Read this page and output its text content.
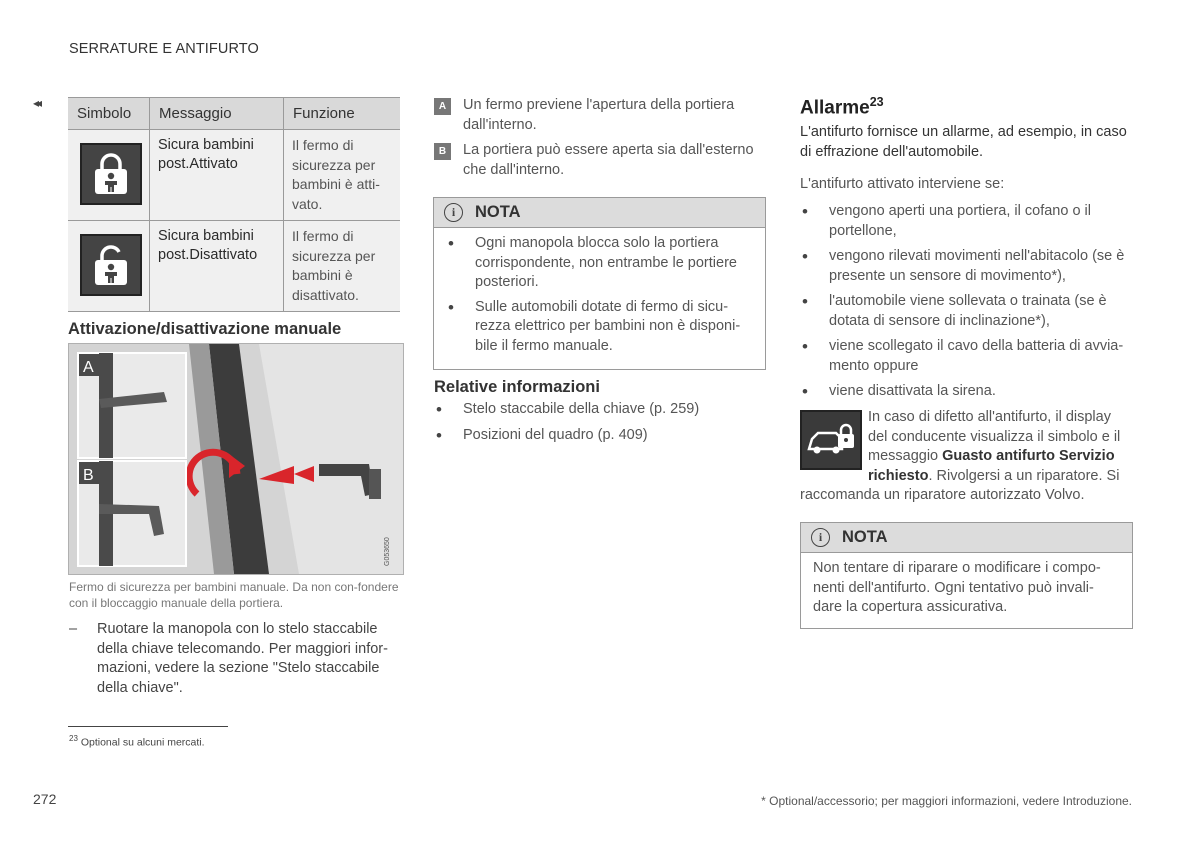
SERRATURE E ANTIFURTO
◂◂
Simbolo	Messaggio	Funzione

	Sicura bambini post.Attivato	Il fermo di sicurezza per bambini è atti-vato.

	Sicura bambini post.Disattivato	Il fermo di sicurezza per bambini è disattivato.
Attivazione/disattivazione manuale
A
B
G053650
Fermo di sicurezza per bambini manuale. Da non con-fondere con il bloccaggio manuale della portiera.
– Ruotare la manopola con lo stelo staccabile della chiave telecomando. Per maggiori infor-mazioni, vedere la sezione "Stelo staccabile della chiave".
$^{23}$ Optional su alcuni mercati.
272	* Optional/accessorio; per maggiori informazioni, vedere Introduzione.
A	Un fermo previene l'apertura della portiera dall'interno.
B	La portiera può essere aperta sia dall'esterno che dall'interno.
i	NOTA
• Ogni manopola blocca solo la portiera corrispondente, non entrambe le portiere posteriori.
• Sulle automobili dotate di fermo di sicu-rezza elettrico per bambini non è disponi-bile il fermo manuale.
Relative informazioni
• Stelo staccabile della chiave (p. 259)
• Posizioni del quadro (p. 409)
Allarme$^{23}$
L'antifurto fornisce un allarme, ad esempio, in caso di effrazione dell'automobile.
L'antifurto attivato interviene se:
• vengono aperti una portiera, il cofano o il portellone,
• vengono rilevati movimenti nell'abitacolo (se è presente un sensore di movimento*),
• l'automobile viene sollevata o trainata (se è dotata di sensore di inclinazione*),
• viene scollegato il cavo della batteria di avvia-mento oppure
• viene disattivata la sirena.
In caso di difetto all'antifurto, il display del conducente visualizza il simbolo e il messaggio Guasto antifurto Servizio richiesto. Rivolgersi a un riparatore. Si raccomanda un riparatore autorizzato Volvo.
i	NOTA
Non tentare di riparare o modificare i compo-nenti dell'antifurto. Ogni tentativo può invali-dare la copertura assicurativa.
